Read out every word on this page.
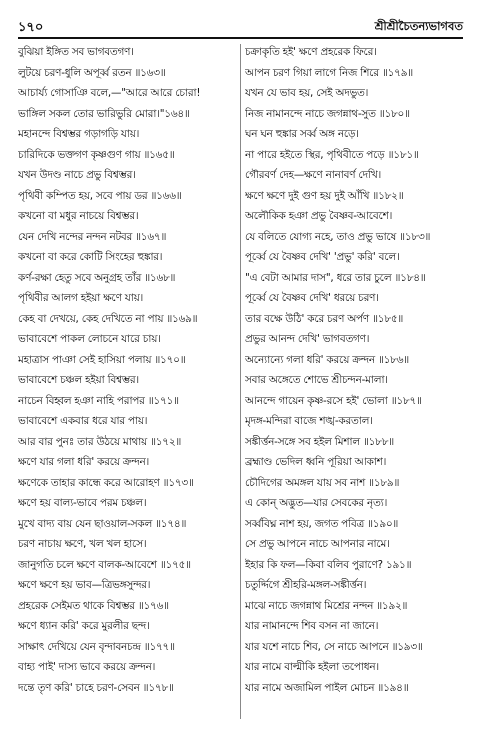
১৭০	শ্রীশ্রীচৈতন্যভাগবত
বুঝিয়া ইঙ্গিত সব ভাগবতগণ।
লুটয়ে চরণ-ধুলি অপূর্ব্ব রতন ॥১৬৩॥
আচার্য্য গোসাঞি বলে,—"আরে আরে চোরা!
ভাঙ্গিল সকল তোর ভারিভুরি মোরা।"১৬৪॥
মহানন্দে বিশ্বম্ভর গড়াগড়ি যায়।
চারিদিকে ভক্তগণ কৃষ্ণগুণ গায় ॥১৬৫॥
যখন উদণ্ড নাচে প্রভু বিশ্বম্ভর।
পৃথিবী কম্পিত হয়, সবে পায় ডর ॥১৬৬॥
কখনো বা মধুর নাচয়ে বিশ্বম্ভর।
যেন দেখি নন্দের নন্দন নটবর ॥১৬৭॥
কখনো বা করে কোটি সিংহের হুঙ্কার।
কর্ণ-রক্ষা হেতু সবে অনুগ্রহ তাঁর ॥১৬৮॥
পৃথিবীর আলগ হইয়া ক্ষণে যায়।
কেহ বা দেখয়ে, কেহ দেখিতে না পায় ॥১৬৯॥
ভাবাবেশে পাকল লোচনে যারে চায়।
মহাত্রাস পাঞা সেই হাসিয়া পলায় ॥১৭০॥
ভাবাবেশে চঞ্চল হইয়া বিশ্বম্ভর।
নাচেন বিহ্বল হঞা নাহি পরাপর ॥১৭১॥
ভাবাবেশে একবার ধরে যার পায়।
আর বার পুনঃ তার উঠয়ে মাথায় ॥১৭২॥
ক্ষণে যার গলা ধরি' করয়ে ক্রন্দন।
ক্ষণেকে তাহার কান্ধে করে আরোহণ ॥১৭৩॥
ক্ষণে হয় বাল্য-ভাবে পরম চঞ্চল।
মুখে বাদ্য বায় যেন ছাওয়াল-সকল ॥১৭৪॥
চরণ নাচায় ক্ষণে, খল খল হাসে।
জানুগতি চলে ক্ষণে বালক-আবেশে ॥১৭৫॥
ক্ষণে ক্ষণে হয় ভাব—ত্রিভঙ্গসুন্দর।
প্রহরেক সেইমত থাকে বিশ্বম্ভর ॥১৭৬॥
ক্ষণে ধ্যান করি' করে মুরলীর ছন্দ।
সাক্ষাৎ দেখিয়ে যেন বৃন্দাবনচন্দ্র ॥১৭৭॥
বাহ্য পাই' দাস্য ভাবে করয়ে ক্রন্দন।
দন্তে তৃণ করি' চাহে চরণ-সেবন ॥১৭৮॥
চক্রাকৃতি হই' ক্ষণে প্রহরেক ফিরে।
আপন চরণ গিয়া লাগে নিজ শিরে ॥১৭৯॥
যখন যে ভাব হয়, সেই অদভুত।
নিজ নামানন্দে নাচে জগন্নাথ-সুত ॥১৮০॥
ঘন ঘন হুঙ্কার সর্ব্ব অঙ্গ নড়ে।
না পারে হইতে স্থির, পৃথিবীতে পড়ে ॥১৮১॥
গৌরবর্ণ দেহ—ক্ষণে নানাবর্ণ দেখি।
ক্ষণে ক্ষণে দুই গুণ হয় দুই আঁখি ॥১৮২॥
অলৌকিক হঞা প্রভু বৈষ্ণব-আবেশে।
যে বলিতে যোগ্য নহে, তাও প্রভু ভাষে ॥১৮৩॥
পূর্ব্বে যে বৈষ্ণব দেখি' 'প্রভু' করি' বলে।
"এ বেটা আমার দাস", ধরে তার চুলে ॥১৮৪॥
পূর্ব্বে যে বৈষ্ণব দেখি' ধরয়ে চরণ।
তার বক্ষে উঠি' করে চরণ অর্পণ ॥১৮৫॥
প্রভুর আনন্দ দেখি' ভাগবতগণ।
অন্যোন্যে গলা ধরি' করয়ে ক্রন্দন ॥১৮৬॥
সবার অঙ্গেতে শোভে শ্রীচন্দন-মালা।
আনন্দে গায়েন কৃষ্ণ-রসে হই' ভোলা ॥১৮৭॥
মৃদঙ্গ-মন্দিরা বাজে শঙ্খ-করতাল।
সঙ্কীর্ত্তন-সঙ্গে সব হইল মিশাল ॥১৮৮॥
ব্রহ্মাণ্ড ভেদিল ধ্বনি পূরিয়া আকাশ।
চৌদিগের অমঙ্গল যায় সব নাশ ॥১৮৯॥
এ কোন্ অদ্ভুত—যার সেবকের নৃত্য।
সর্ব্ববিঘ্ন নাশ হয়, জগত পবিত্র ॥১৯০॥
সে প্রভু আপনে নাচে আপনার নামে।
ইহার কি ফল—কিবা বলিব পুরাণে? ১৯১॥
চতুর্দ্দিগে শ্রীহরি-মঙ্গল-সঙ্কীর্ত্তন।
মাঝে নাচে জগন্নাথ মিশ্রের নন্দন ॥১৯২॥
যার নামানন্দে শিব বসন না জানে।
যার যশে নাচে শিব, সে নাচে আপনে ॥১৯৩॥
যার নামে বাল্মীকি হইলা তপোধন।
যার নামে অজামিল পাইল মোচন ॥১৯৪॥
